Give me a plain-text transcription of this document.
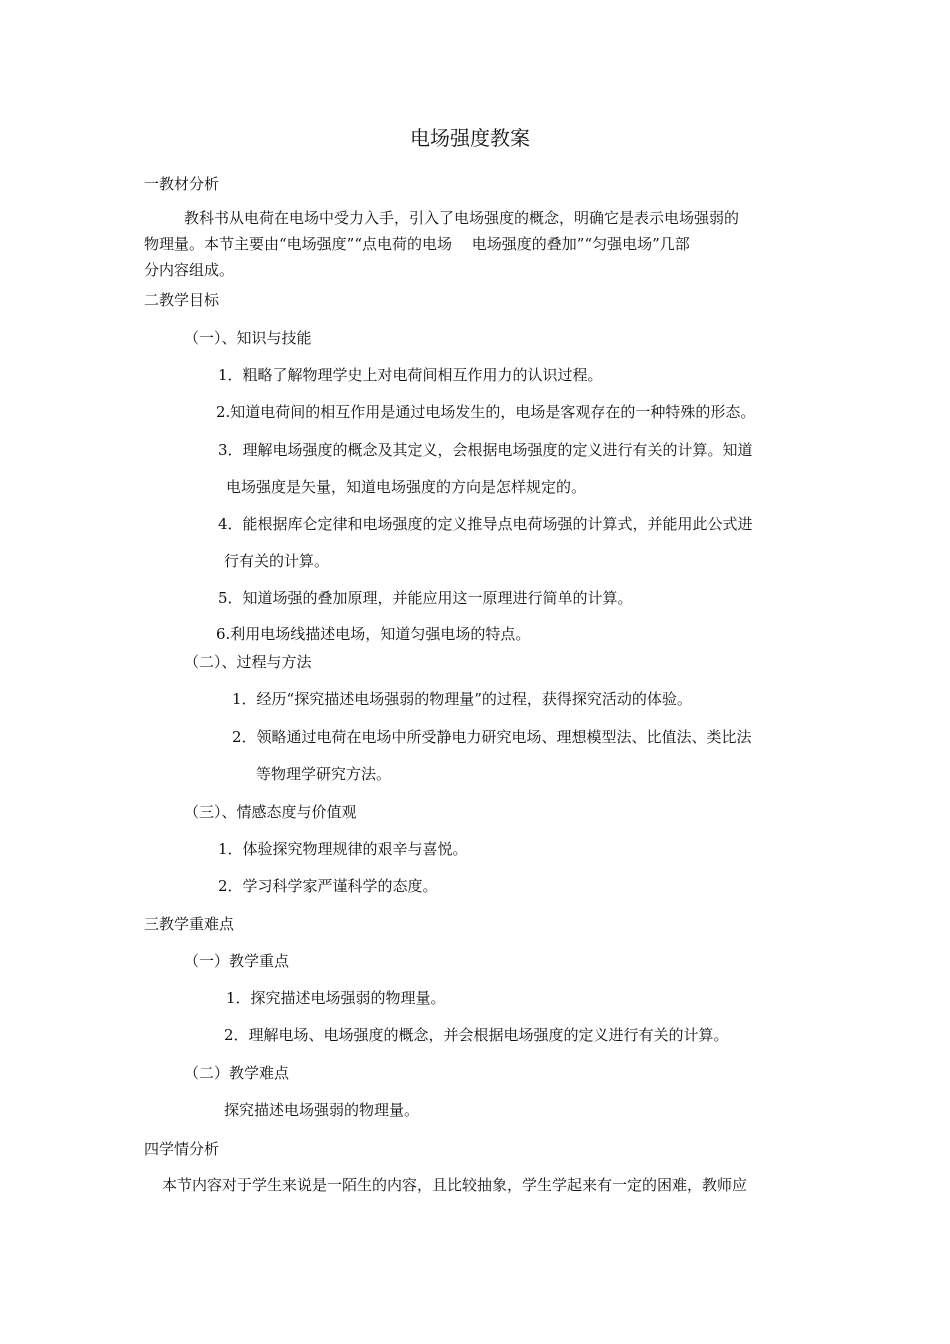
电场强度教案
一教材分析
教科书从电荷在电场中受力入手，引入了电场强度的概念，明确它是表示电场强弱的
物理量。本节主要由“电场强度”“点电荷的电场　 电场强度的叠加”“匀强电场”几部
分内容组成。
二教学目标
（一）、知识与技能
1．粗略了解物理学史上对电荷间相互作用力的认识过程。
2.知道电荷间的相互作用是通过电场发生的，电场是客观存在的一种特殊的形态。
3．理解电场强度的概念及其定义，会根据电场强度的定义进行有关的计算。知道
电场强度是矢量，知道电场强度的方向是怎样规定的。
4．能根据库仑定律和电场强度的定义推导点电荷场强的计算式，并能用此公式进
行有关的计算。
5．知道场强的叠加原理，并能应用这一原理进行简单的计算。
6.利用电场线描述电场，知道匀强电场的特点。
（二）、过程与方法
1．经历“探究描述电场强弱的物理量”的过程，获得探究活动的体验。
2．领略通过电荷在电场中所受静电力研究电场、理想模型法、比值法、类比法
等物理学研究方法。
（三）、情感态度与价值观
1．体验探究物理规律的艰辛与喜悦。
2．学习科学家严谨科学的态度。
三教学重难点
（一）教学重点
1．探究描述电场强弱的物理量。
2．理解电场、电场强度的概念，并会根据电场强度的定义进行有关的计算。
（二）教学难点
探究描述电场强弱的物理量。
四学情分析
本节内容对于学生来说是一陌生的内容，且比较抽象，学生学起来有一定的困难，教师应
